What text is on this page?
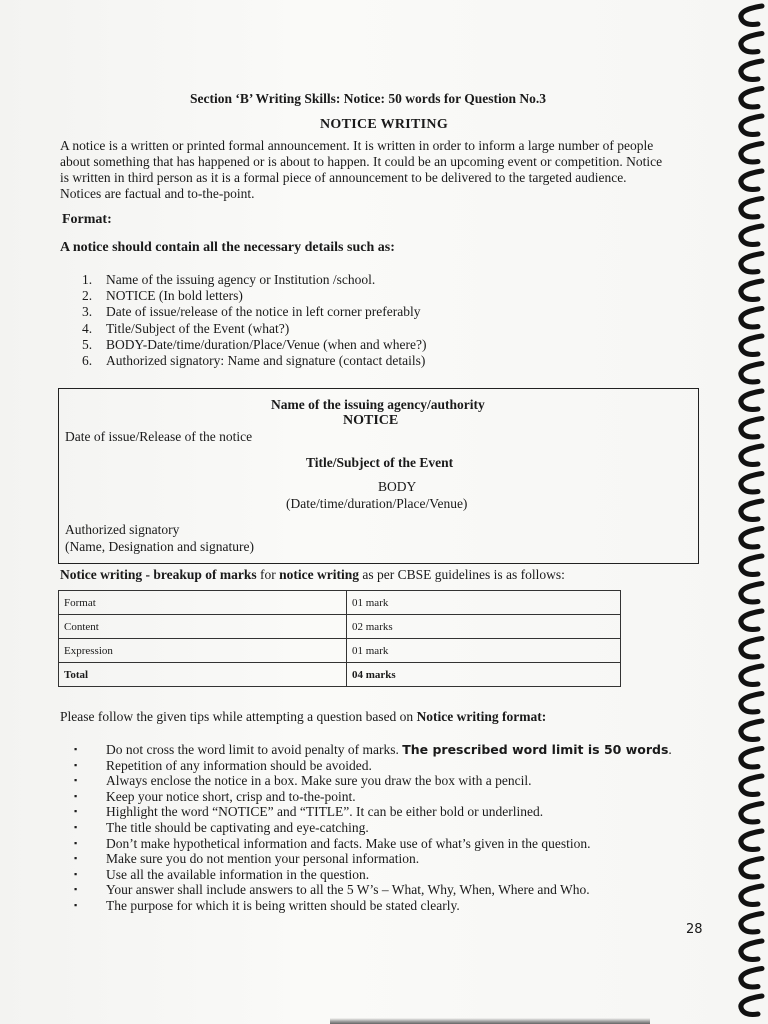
Section ‘B’ Writing Skills: Notice: 50 words for Question No.3
NOTICE WRITING

A notice is a written or printed formal announcement. It is written in order to inform a large number of people

about something that has happened or is about to happen. It could be an upcoming event or competition. Notice

is written in third person as it is a formal piece of announcement to be delivered to the targeted audience.

Notices are factual and to-the-point.

Format:
A notice should contain all the necessary details such as:
1.	Name of the issuing agency or Institution /school.
2.	NOTICE (In bold letters)
3.	Date of issue/release of the notice in left corner preferably
4.	Title/Subject of the Event (what?)
5.	BODY-Date/time/duration/Place/Venue (when and where?)
6.	Authorized signatory: Name and signature (contact details)
Name of the issuing agency/authority
NOTICE
Date of issue/Release of the notice
Title/Subject of the Event
BODY
(Date/time/duration/Place/Venue)
Authorized signatory
(Name, Designation and signature)
Notice writing - breakup of marks for notice writing as per CBSE guidelines is as follows:
Format	01 mark
Content	02 marks
Expression	01 mark
Total	04 marks
Please follow the given tips while attempting a question based on Notice writing format:
▪	Do not cross the word limit to avoid penalty of marks. The prescribed word limit is 50 words.
▪	Repetition of any information should be avoided.
▪	Always enclose the notice in a box. Make sure you draw the box with a pencil.
▪	Keep your notice short, crisp and to-the-point.
▪	Highlight the word “NOTICE” and “TITLE”. It can be either bold or underlined.
▪	The title should be captivating and eye-catching.
▪	Don’t make hypothetical information and facts. Make use of what’s given in the question.
▪	Make sure you do not mention your personal information.
▪	Use all the available information in the question.
▪	Your answer shall include answers to all the 5 W’s – What, Why, When, Where and Who.
▪	The purpose for which it is being written should be stated clearly.
28
